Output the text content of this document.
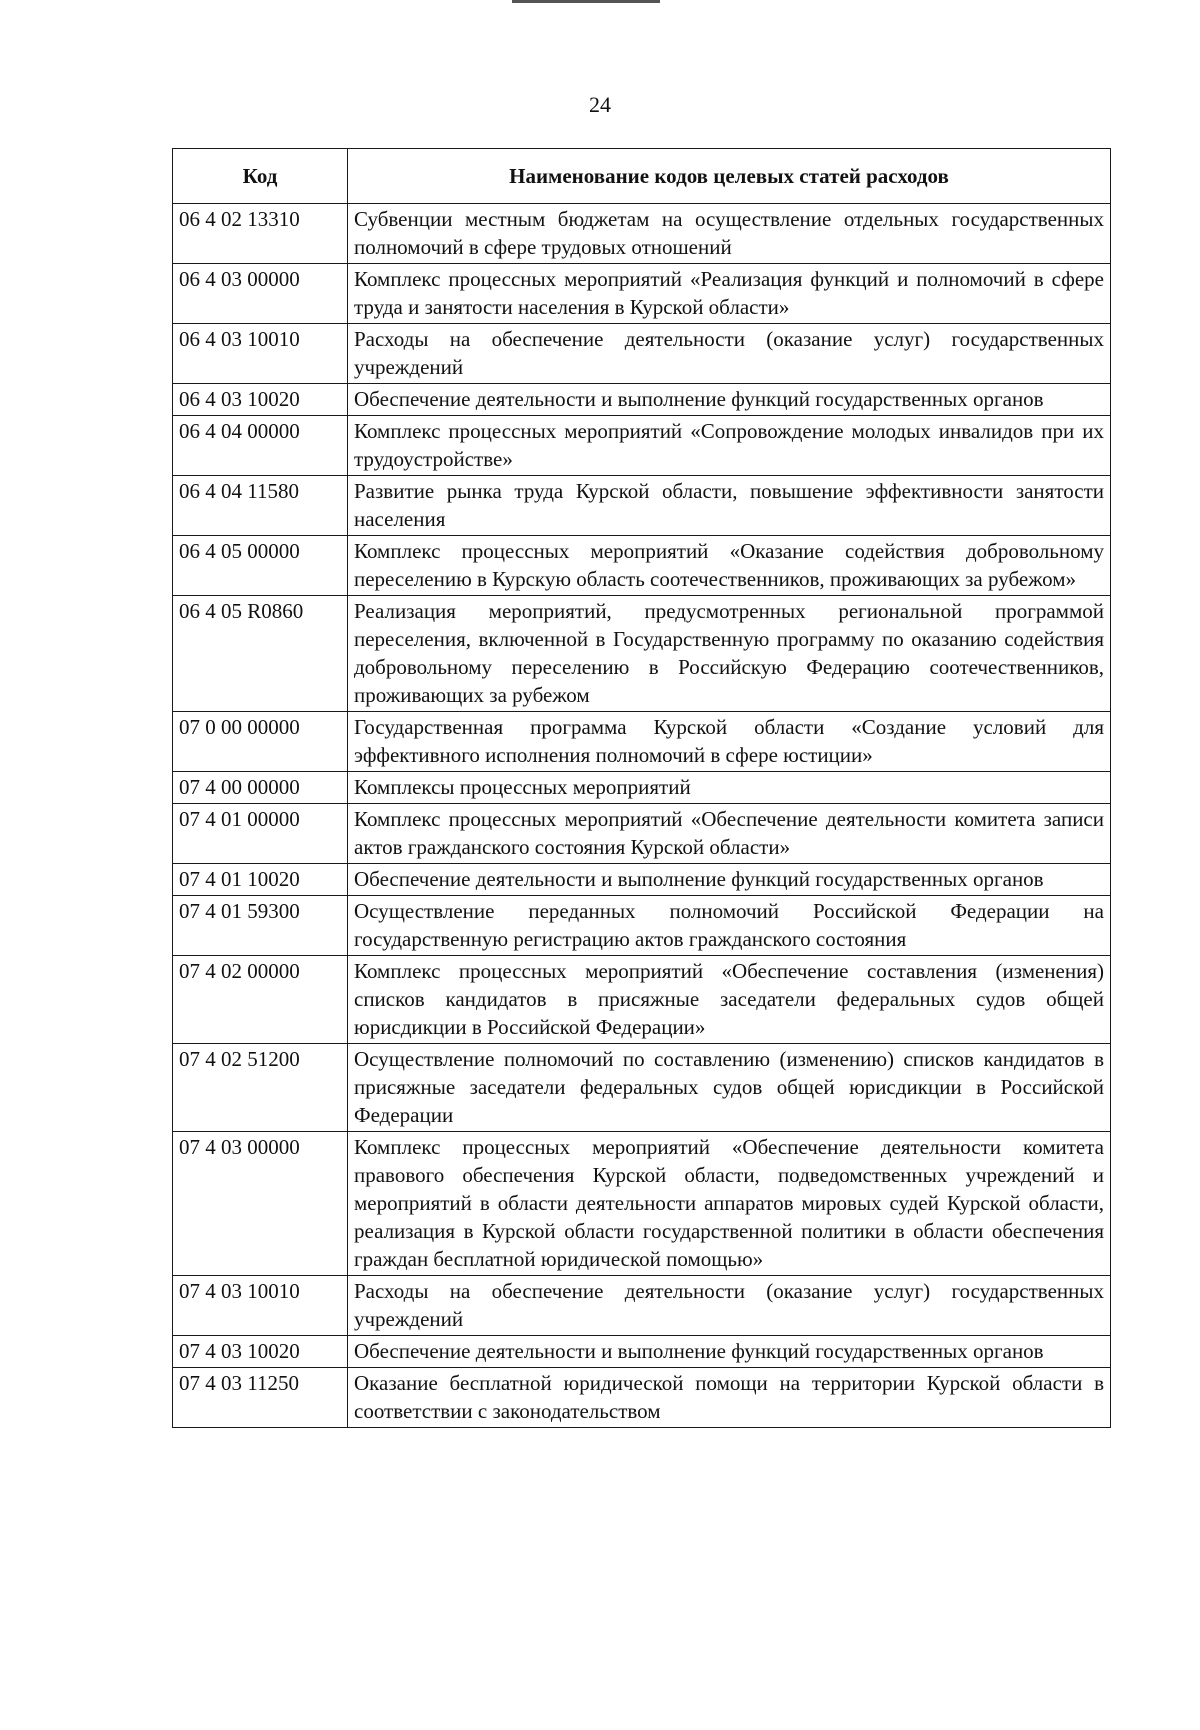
24
Код	Наименование кодов целевых статей расходов
06 4 02 13310	Субвенции местным бюджетам на осуществление отдельных государственных полномочий в сфере трудовых отношений
06 4 03 00000	Комплекс процессных мероприятий «Реализация функций и полномочий в сфере труда и занятости населения в Курской области»
06 4 03 10010	Расходы на обеспечение деятельности (оказание услуг) государственных учреждений
06 4 03 10020	Обеспечение деятельности и выполнение функций государственных органов
06 4 04 00000	Комплекс процессных мероприятий «Сопровождение молодых инвалидов при их трудоустройстве»
06 4 04 11580	Развитие рынка труда Курской области, повышение эффективности занятости населения
06 4 05 00000	Комплекс процессных мероприятий «Оказание содействия добровольному переселению в Курскую область соотечественников, проживающих за рубежом»
06 4 05 R0860	Реализация мероприятий, предусмотренных региональной программой переселения, включенной в Государственную программу по оказанию содействия добровольному переселению в Российскую Федерацию соотечественников, проживающих за рубежом
07 0 00 00000	Государственная программа Курской области «Создание условий для эффективного исполнения полномочий в сфере юстиции»
07 4 00 00000	Комплексы процессных мероприятий
07 4 01 00000	Комплекс процессных мероприятий «Обеспечение деятельности комитета записи актов гражданского состояния Курской области»
07 4 01 10020	Обеспечение деятельности и выполнение функций государственных органов
07 4 01 59300	Осуществление переданных полномочий Российской Федерации на государственную регистрацию актов гражданского состояния
07 4 02 00000	Комплекс процессных мероприятий «Обеспечение составления (изменения) списков кандидатов в присяжные заседатели федеральных судов общей юрисдикции в Российской Федерации»
07 4 02 51200	Осуществление полномочий по составлению (изменению) списков кандидатов в присяжные заседатели федеральных судов общей юрисдикции в Российской Федерации
07 4 03 00000	Комплекс процессных мероприятий «Обеспечение деятельности комитета правового обеспечения Курской области, подведомственных учреждений и мероприятий в области деятельности аппаратов мировых судей Курской области, реализация в Курской области государственной политики в области обеспечения граждан бесплатной юридической помощью»
07 4 03 10010	Расходы на обеспечение деятельности (оказание услуг) государственных учреждений
07 4 03 10020	Обеспечение деятельности и выполнение функций государственных органов
07 4 03 11250	Оказание бесплатной юридической помощи на территории Курской области в соответствии с законодательством
